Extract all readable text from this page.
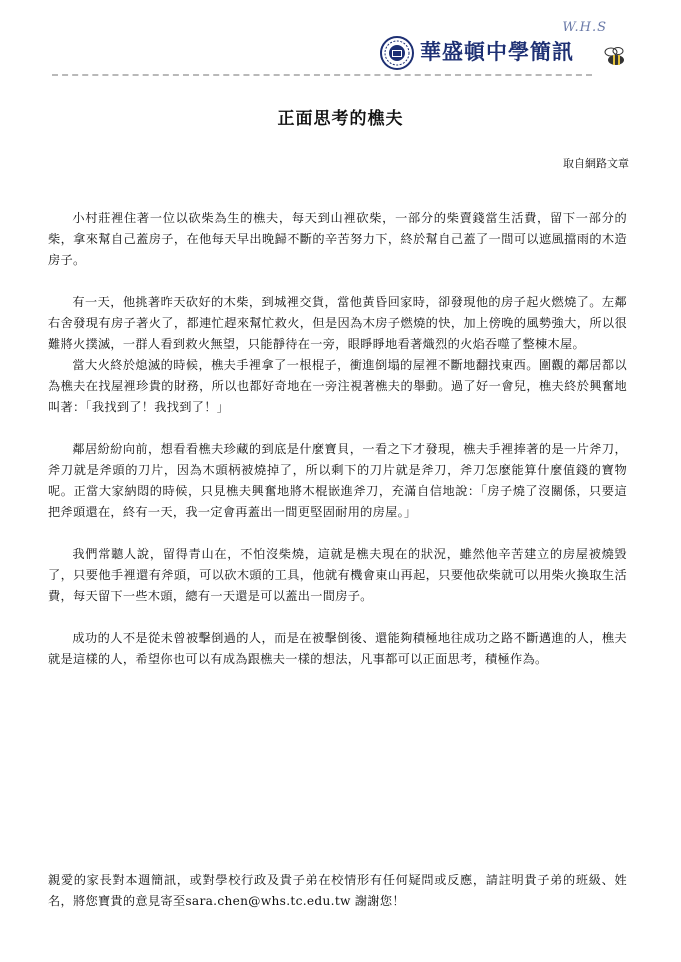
華盛頓中學簡訊
W.H.S
正面思考的樵夫
取自網路文章

小村莊裡住著一位以砍柴為生的樵夫，每天到山裡砍柴，一部分的柴賣錢當生活費，留下一部分的柴，拿來幫自己蓋房子，在他每天早出晚歸不斷的辛苦努力下，終於幫自己蓋了一間可以遮風擋雨的木造房子。

有一天，他挑著昨天砍好的木柴，到城裡交貨，當他黃昏回家時，卻發現他的房子起火燃燒了。左鄰右舍發現有房子著火了，都連忙趕來幫忙救火，但是因為木房子燃燒的快，加上傍晚的風勢強大，所以很難將火撲滅，一群人看到救火無望，只能靜待在一旁，眼睜睜地看著熾烈的火焰吞噬了整棟木屋。

當大火終於熄滅的時候，樵夫手裡拿了一根棍子，衝進倒塌的屋裡不斷地翻找東西。圍觀的鄰居都以為樵夫在找屋裡珍貴的財務，所以也都好奇地在一旁注視著樵夫的舉動。過了好一會兒，樵夫終於興奮地叫著：「我找到了！我找到了！」

鄰居紛紛向前，想看看樵夫珍藏的到底是什麼寶貝，一看之下才發現，樵夫手裡捧著的是一片斧刀，斧刀就是斧頭的刀片，因為木頭柄被燒掉了，所以剩下的刀片就是斧刀，斧刀怎麼能算什麼值錢的寶物呢。正當大家納悶的時候，只見樵夫興奮地將木棍嵌進斧刀，充滿自信地說：「房子燒了沒關係，只要這把斧頭還在，終有一天，我一定會再蓋出一間更堅固耐用的房屋。」

我們常聽人說，留得青山在，不怕沒柴燒，這就是樵夫現在的狀況，雖然他辛苦建立的房屋被燒毀了，只要他手裡還有斧頭，可以砍木頭的工具，他就有機會東山再起，只要他砍柴就可以用柴火換取生活費，每天留下一些木頭，總有一天還是可以蓋出一間房子。

成功的人不是從未曾被擊倒過的人，而是在被擊倒後、還能夠積極地往成功之路不斷邁進的人，樵夫就是這樣的人，希望你也可以有成為跟樵夫一樣的想法，凡事都可以正面思考，積極作為。

親愛的家長對本週簡訊，或對學校行政及貴子弟在校情形有任何疑問或反應，請註明貴子弟的班級、姓名，將您寶貴的意見寄至sara.chen@whs.tc.edu.tw 謝謝您！
